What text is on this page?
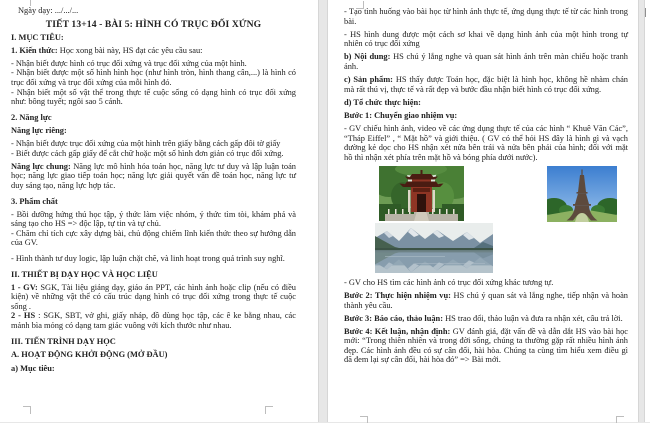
Ngày dạy: .../.../...

TIẾT 13+14 - BÀI 5: HÌNH CÓ TRỤC ĐỐI XỨNG

I. MỤC TIÊU:

1. Kiến thức: Học xong bài này, HS đạt các yêu cầu sau:

- Nhận biết được hình có trục đối xứng và trục đối xứng của một hình.

- Nhận biết được một số hình hình học (như hình tròn, hình thang cân,...) là hình có trục đối xứng và trục đối xứng của mỗi hình đó.

- Nhận biết một số vật thể trong thực tế cuộc sống có dạng hình có trục đối xứng như: bông tuyết; ngôi sao 5 cánh.

2. Năng lực

Năng lực riêng:

- Nhận biết được trục đối xứng của một hình trên giấy bằng cách gấp đôi tờ giấy

- Biết được cách gấp giấy để cắt chữ hoặc một số hình đơn giản có trục đối xứng.

Năng lực chung: Năng lực mô hình hóa toán học, năng lực tư duy và lập luận toán học; năng lực giao tiếp toán học; năng lực giải quyết vấn đề toán học, năng lực tư duy sáng tạo, năng lực hợp tác.

3. Phẩm chất

- Bồi dưỡng hứng thú học tập, ý thức làm việc nhóm, ý thức tìm tòi, khám phá và sáng tạo cho HS => độc lập, tự tin và tự chủ.

- Chăm chỉ tích cực xây dựng bài, chủ động chiếm lĩnh kiến thức theo sự hướng dẫn của GV.

- Hình thành tư duy logic, lập luận chặt chẽ, và linh hoạt trong quá trình suy nghĩ.

II. THIẾT BỊ DẠY HỌC VÀ HỌC LIỆU

1 - GV: SGK, Tài liệu giảng dạy, giáo án PPT, các hình ảnh hoặc clip (nếu có điều kiện) về những vật thể có cấu trúc dạng hình có trục đối xứng trong thực tế cuộc sống .

2 - HS : SGK, SBT, vở ghi, giấy nháp, đồ dùng học tập, các ê ke bằng nhau, các mảnh bìa mỏng có dạng tam giác vuông với kích thước như nhau.

III. TIẾN TRÌNH DẠY HỌC

A. HOẠT ĐỘNG KHỞI ĐỘNG (MỞ ĐẦU)

a) Mục tiêu:

- Tạo tình huống vào bài học từ hình ảnh thực tế, ứng dụng thực tế từ các hình trong bài.

- HS hình dung được một cách sơ khai về dạng hình ảnh của một hình trong tự nhiên có trục đối xứng

b) Nội dung: HS chú ý lắng nghe và quan sát hình ảnh trên màn chiếu hoặc tranh ảnh.

c) Sản phẩm: HS thấy được Toán học, đặc biệt là hình học, không hề nhàm chán mà rất thú vị, thực tế và rất đẹp và bước đầu nhận biết hình có trục đối xứng.

d) Tổ chức thực hiện:

Bước 1: Chuyển giao nhiệm vụ:

- GV chiếu hình ảnh, video về các ứng dụng thực tế của các hình “ Khuê Văn Các”, “Tháp Eiffel” , “ Mặt hồ” và giới thiệu. ( GV có thể hỏi HS đây là hình gì và vạch đường kẻ dọc cho HS nhận xét nửa bên trái và nửa bên phải của hình; đối với mặt hồ thì nhận xét phía trên mặt hồ và bóng phía dưới nước).

- GV cho HS tìm các hình ảnh có trục đối xứng khác tương tự.

Bước 2: Thực hiện nhiệm vụ: HS chú ý quan sát và lắng nghe, tiếp nhận và hoàn thành yêu cầu.

Bước 3: Báo cáo, thảo luận: HS trao đổi, thảo luận và đưa ra nhận xét, câu trả lời.

Bước 4: Kết luận, nhận định: GV đánh giá, đặt vấn đề và dẫn dắt HS vào bài học mới: “Trong thiên nhiên và trong đời sống, chúng ta thường gặp rất nhiều hình ảnh đẹp. Các hình ảnh đều có sự cân đối, hài hòa. Chúng ta cùng tìm hiểu xem điều gì đã đem lại sự cân đối, hài hòa đó” => Bài mới.
